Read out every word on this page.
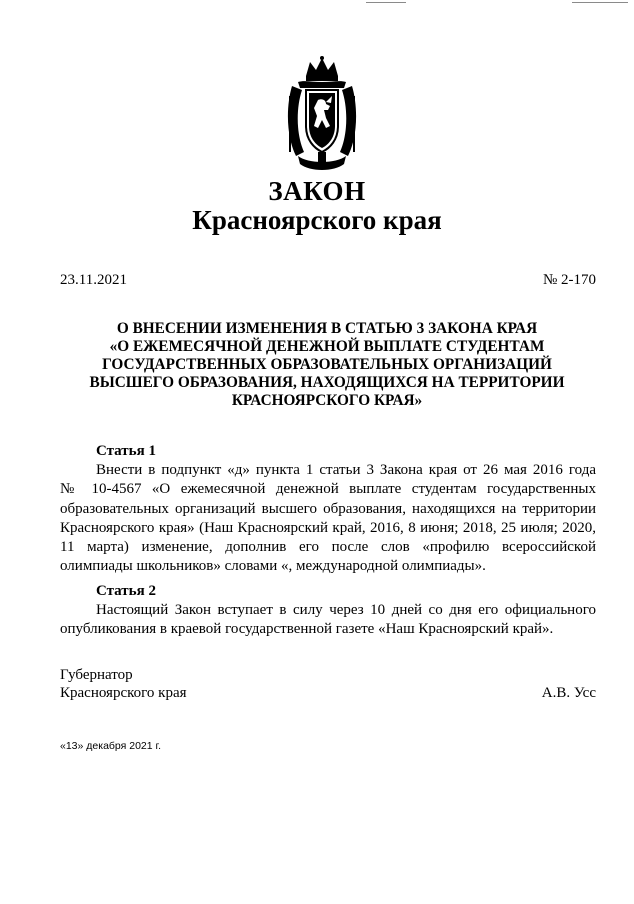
ЗАКОН
Красноярского края
23.11.2021	№ 2-170
О ВНЕСЕНИИ ИЗМЕНЕНИЯ В СТАТЬЮ 3 ЗАКОНА КРАЯ
«О ЕЖЕМЕСЯЧНОЙ ДЕНЕЖНОЙ ВЫПЛАТЕ СТУДЕНТАМ
ГОСУДАРСТВЕННЫХ ОБРАЗОВАТЕЛЬНЫХ ОРГАНИЗАЦИЙ
ВЫСШЕГО ОБРАЗОВАНИЯ, НАХОДЯЩИХСЯ НА ТЕРРИТОРИИ
КРАСНОЯРСКОГО КРАЯ»
Статья 1
Внести в подпункт «д» пункта 1 статьи 3 Закона края от 26 мая 2016 года
№ 10-4567 «О ежемесячной денежной выплате студентам государственных
образовательных организаций высшего образования, находящихся на территории
Красноярского края» (Наш Красноярский край, 2016, 8 июня; 2018, 25 июля; 2020,
11 марта) изменение, дополнив его после слов «профилю всероссийской
олимпиады школьников» словами «, международной олимпиады».
Статья 2
Настоящий Закон вступает в силу через 10 дней со дня его официального
опубликования в краевой государственной газете «Наш Красноярский край».
Губернатор
Красноярского края	А.В. Усс
«13» декабря 2021 г.
